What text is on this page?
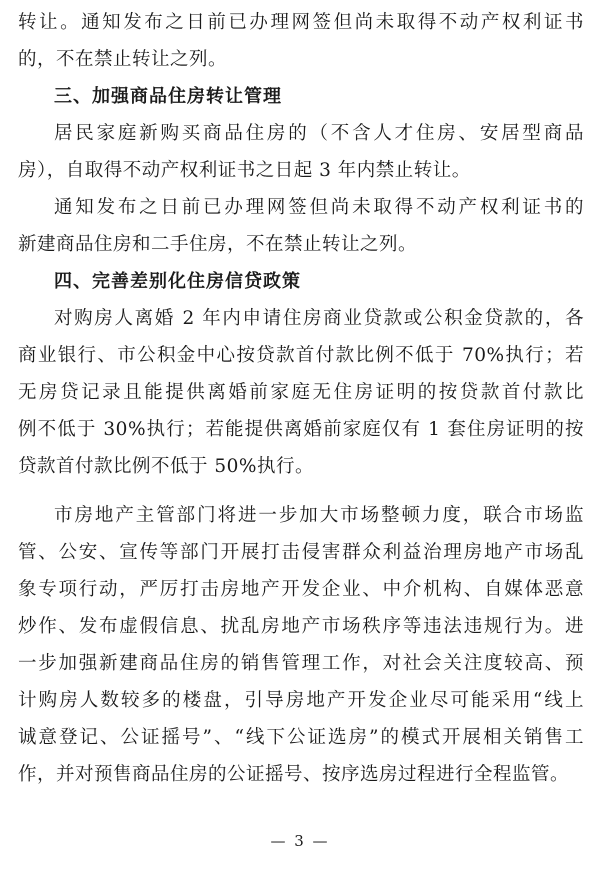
转让。通知发布之日前已办理网签但尚未取得不动产权利证书
的，不在禁止转让之列。
三、加强商品住房转让管理
居民家庭新购买商品住房的（不含人才住房、安居型商品
房），自取得不动产权利证书之日起 3 年内禁止转让。
通知发布之日前已办理网签但尚未取得不动产权利证书的
新建商品住房和二手住房，不在禁止转让之列。
四、完善差别化住房信贷政策
对购房人离婚 2 年内申请住房商业贷款或公积金贷款的，各
商业银行、市公积金中心按贷款首付款比例不低于 70%执行；若
无房贷记录且能提供离婚前家庭无住房证明的按贷款首付款比
例不低于 30%执行；若能提供离婚前家庭仅有 1 套住房证明的按
贷款首付款比例不低于 50%执行。
市房地产主管部门将进一步加大市场整顿力度，联合市场监
管、公安、宣传等部门开展打击侵害群众利益治理房地产市场乱
象专项行动，严厉打击房地产开发企业、中介机构、自媒体恶意
炒作、发布虚假信息、扰乱房地产市场秩序等违法违规行为。进
一步加强新建商品住房的销售管理工作，对社会关注度较高、预
计购房人数较多的楼盘，引导房地产开发企业尽可能采用“线上
诚意登记、公证摇号”、“线下公证选房”的模式开展相关销售工
作，并对预售商品住房的公证摇号、按序选房过程进行全程监管。
— 3 —
